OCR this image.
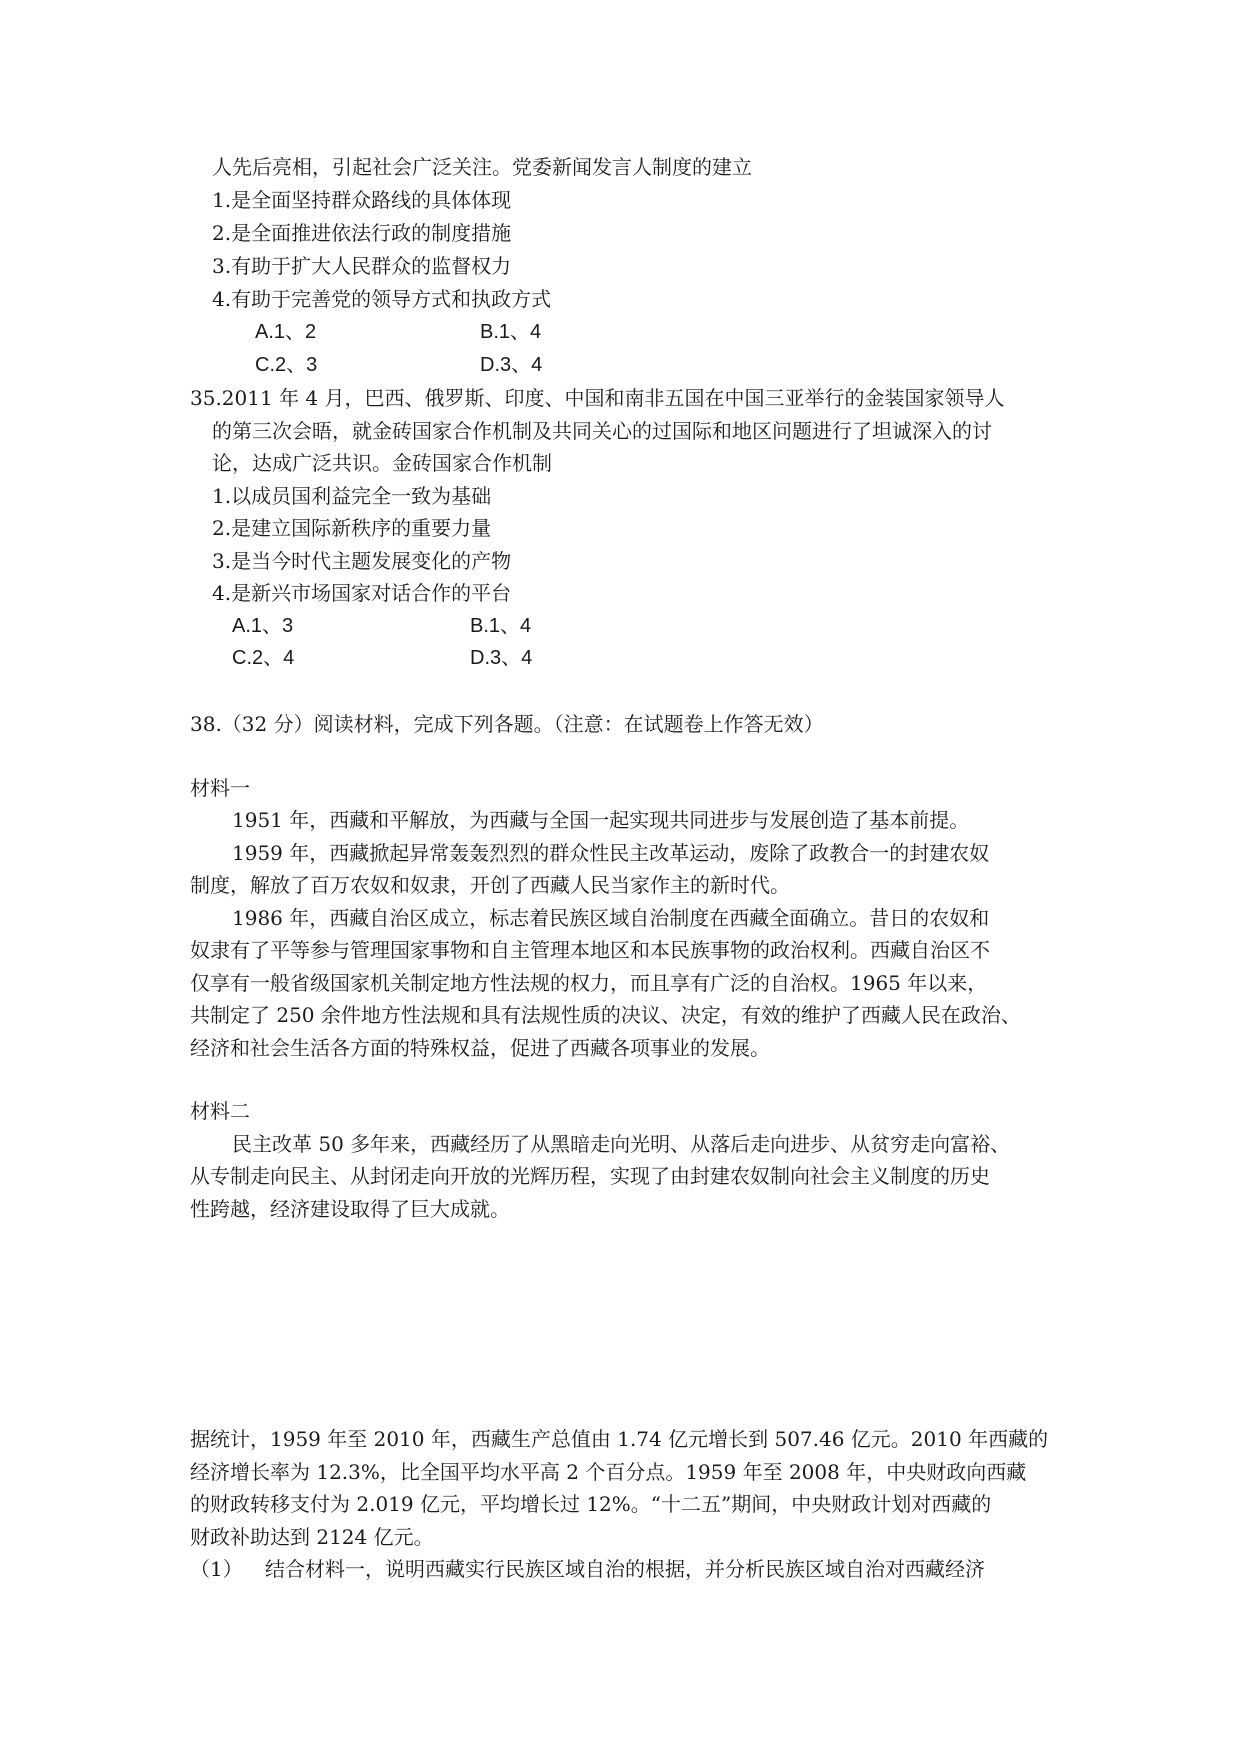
人先后亮相，引起社会广泛关注。党委新闻发言人制度的建立
1.是全面坚持群众路线的具体体现
2.是全面推进依法行政的制度措施
3.有助于扩大人民群众的监督权力
4.有助于完善党的领导方式和执政方式
A.1、2	B.1、4
C.2、3	D.3、4
35.2011 年 4 月，巴西、俄罗斯、印度、中国和南非五国在中国三亚举行的金装国家领导人
的第三次会晤，就金砖国家合作机制及共同关心的过国际和地区问题进行了坦诚深入的讨
论，达成广泛共识。金砖国家合作机制
1.以成员国利益完全一致为基础
2.是建立国际新秩序的重要力量
3.是当今时代主题发展变化的产物
4.是新兴市场国家对话合作的平台
A.1、3	B.1、4
C.2、4	D.3、4
38.（32 分）阅读材料，完成下列各题。（注意：在试题卷上作答无效）
材料一
1951 年，西藏和平解放，为西藏与全国一起实现共同进步与发展创造了基本前提。
1959 年，西藏掀起异常轰轰烈烈的群众性民主改革运动，废除了政教合一的封建农奴
制度，解放了百万农奴和奴隶，开创了西藏人民当家作主的新时代。
1986 年，西藏自治区成立，标志着民族区域自治制度在西藏全面确立。昔日的农奴和
奴隶有了平等参与管理国家事物和自主管理本地区和本民族事物的政治权利。西藏自治区不
仅享有一般省级国家机关制定地方性法规的权力，而且享有广泛的自治权。1965 年以来，
共制定了 250 余件地方性法规和具有法规性质的决议、决定，有效的维护了西藏人民在政治、
经济和社会生活各方面的特殊权益，促进了西藏各项事业的发展。
材料二
民主改革 50 多年来，西藏经历了从黑暗走向光明、从落后走向进步、从贫穷走向富裕、
从专制走向民主、从封闭走向开放的光辉历程，实现了由封建农奴制向社会主义制度的历史
性跨越，经济建设取得了巨大成就。
据统计，1959 年至 2010 年，西藏生产总值由 1.74 亿元增长到 507.46 亿元。2010 年西藏的
经济增长率为 12.3%，比全国平均水平高 2 个百分点。1959 年至 2008 年，中央财政向西藏
的财政转移支付为 2.019 亿元，平均增长过 12%。“十二五”期间，中央财政计划对西藏的
财政补助达到 2124 亿元。
（1） 结合材料一，说明西藏实行民族区域自治的根据，并分析民族区域自治对西藏经济
